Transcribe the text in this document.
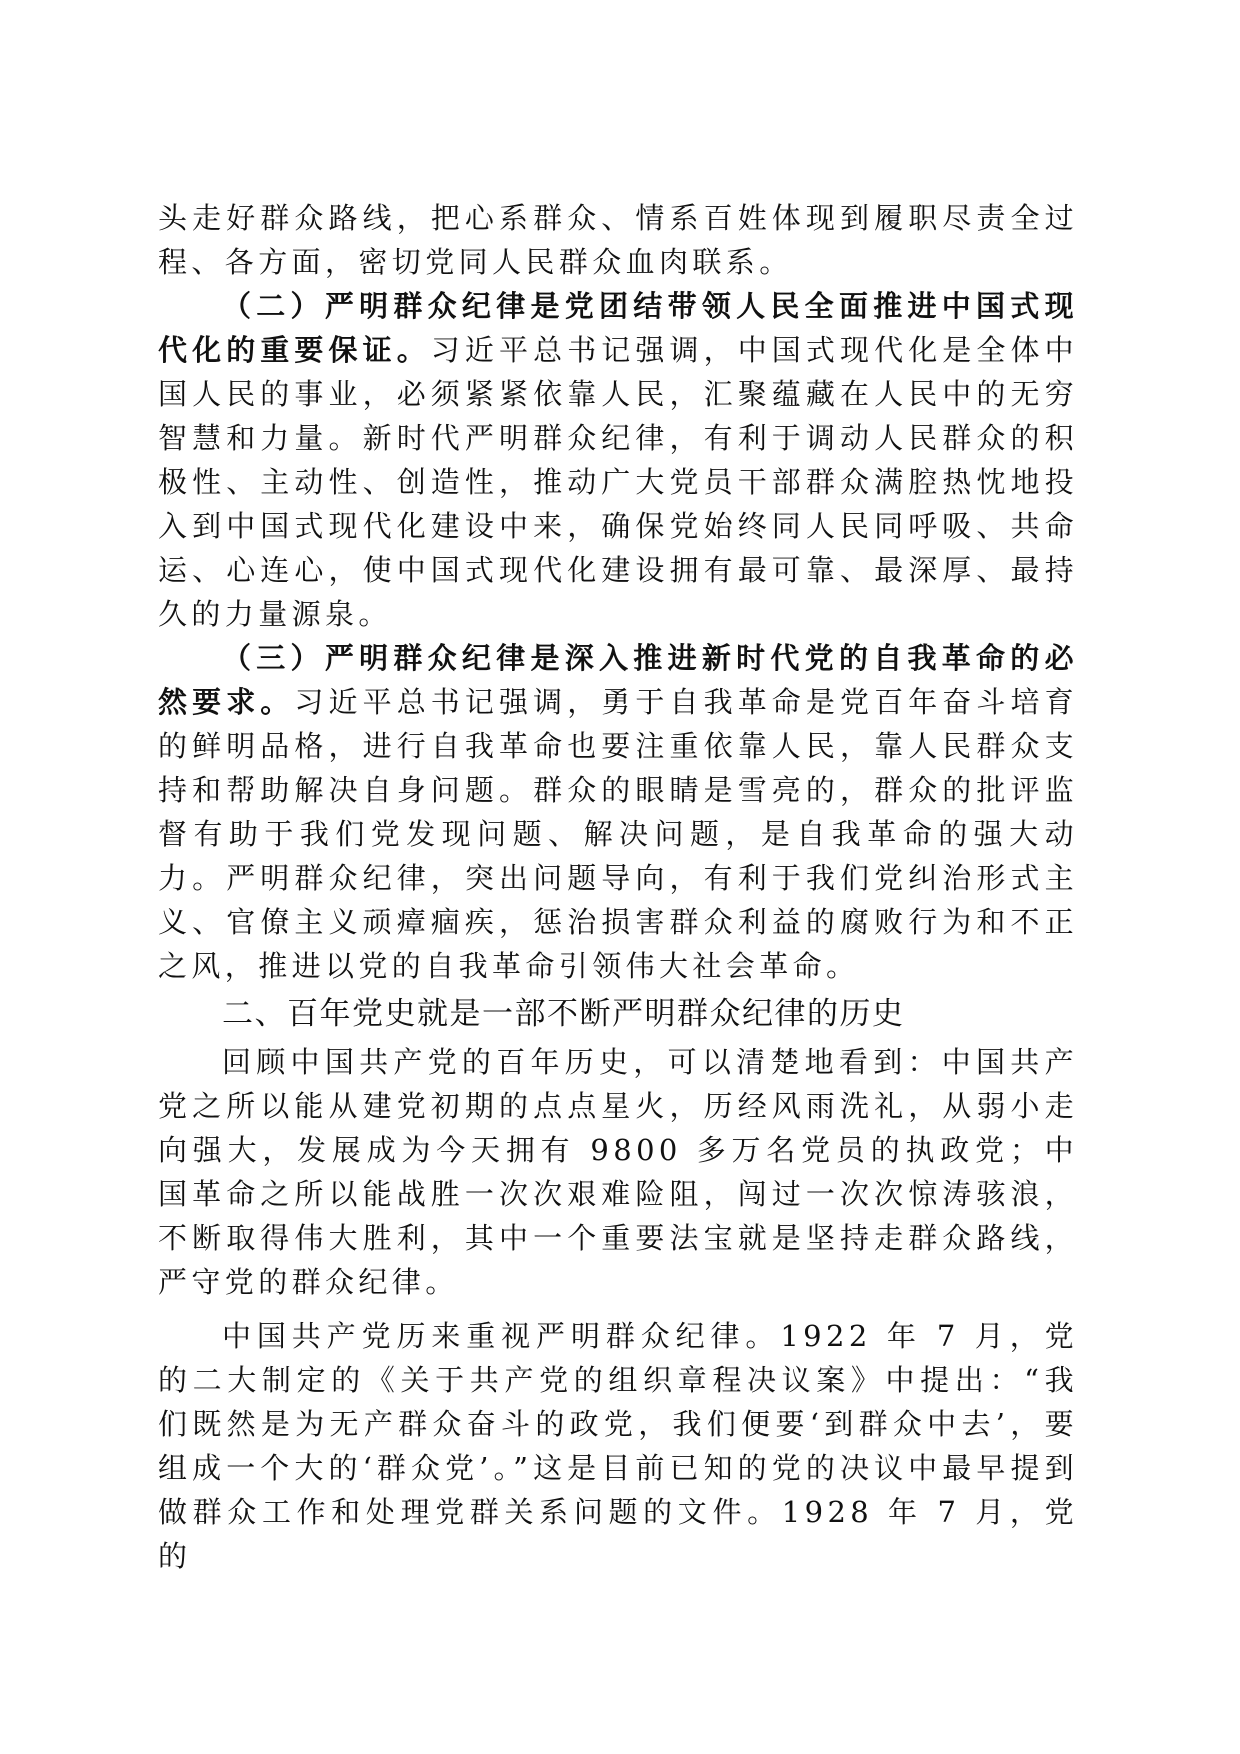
头走好群众路线，把心系群众、情系百姓体现到履职尽责全过程、各方面，密切党同人民群众血肉联系。

（二）严明群众纪律是党团结带领人民全面推进中国式现代化的重要保证。习近平总书记强调，中国式现代化是全体中国人民的事业，必须紧紧依靠人民，汇聚蕴藏在人民中的无穷智慧和力量。新时代严明群众纪律，有利于调动人民群众的积极性、主动性、创造性，推动广大党员干部群众满腔热忱地投入到中国式现代化建设中来，确保党始终同人民同呼吸、共命运、心连心，使中国式现代化建设拥有最可靠、最深厚、最持久的力量源泉。

（三）严明群众纪律是深入推进新时代党的自我革命的必然要求。习近平总书记强调，勇于自我革命是党百年奋斗培育的鲜明品格，进行自我革命也要注重依靠人民，靠人民群众支持和帮助解决自身问题。群众的眼睛是雪亮的，群众的批评监督有助于我们党发现问题、解决问题，是自我革命的强大动力。严明群众纪律，突出问题导向，有利于我们党纠治形式主义、官僚主义顽瘴痼疾，惩治损害群众利益的腐败行为和不正之风，推进以党的自我革命引领伟大社会革命。

二、百年党史就是一部不断严明群众纪律的历史

回顾中国共产党的百年历史，可以清楚地看到：中国共产党之所以能从建党初期的点点星火，历经风雨洗礼，从弱小走向强大，发展成为今天拥有 9800 多万名党员的执政党；中国革命之所以能战胜一次次艰难险阻，闯过一次次惊涛骇浪，不断取得伟大胜利，其中一个重要法宝就是坚持走群众路线，严守党的群众纪律。

中国共产党历来重视严明群众纪律。1922 年 7 月，党的二大制定的《关于共产党的组织章程决议案》中提出：“我们既然是为无产群众奋斗的政党，我们便要‘到群众中去’，要组成一个大的‘群众党’。”这是目前已知的党的决议中最早提到做群众工作和处理党群关系问题的文件。1928 年 7 月，党的
